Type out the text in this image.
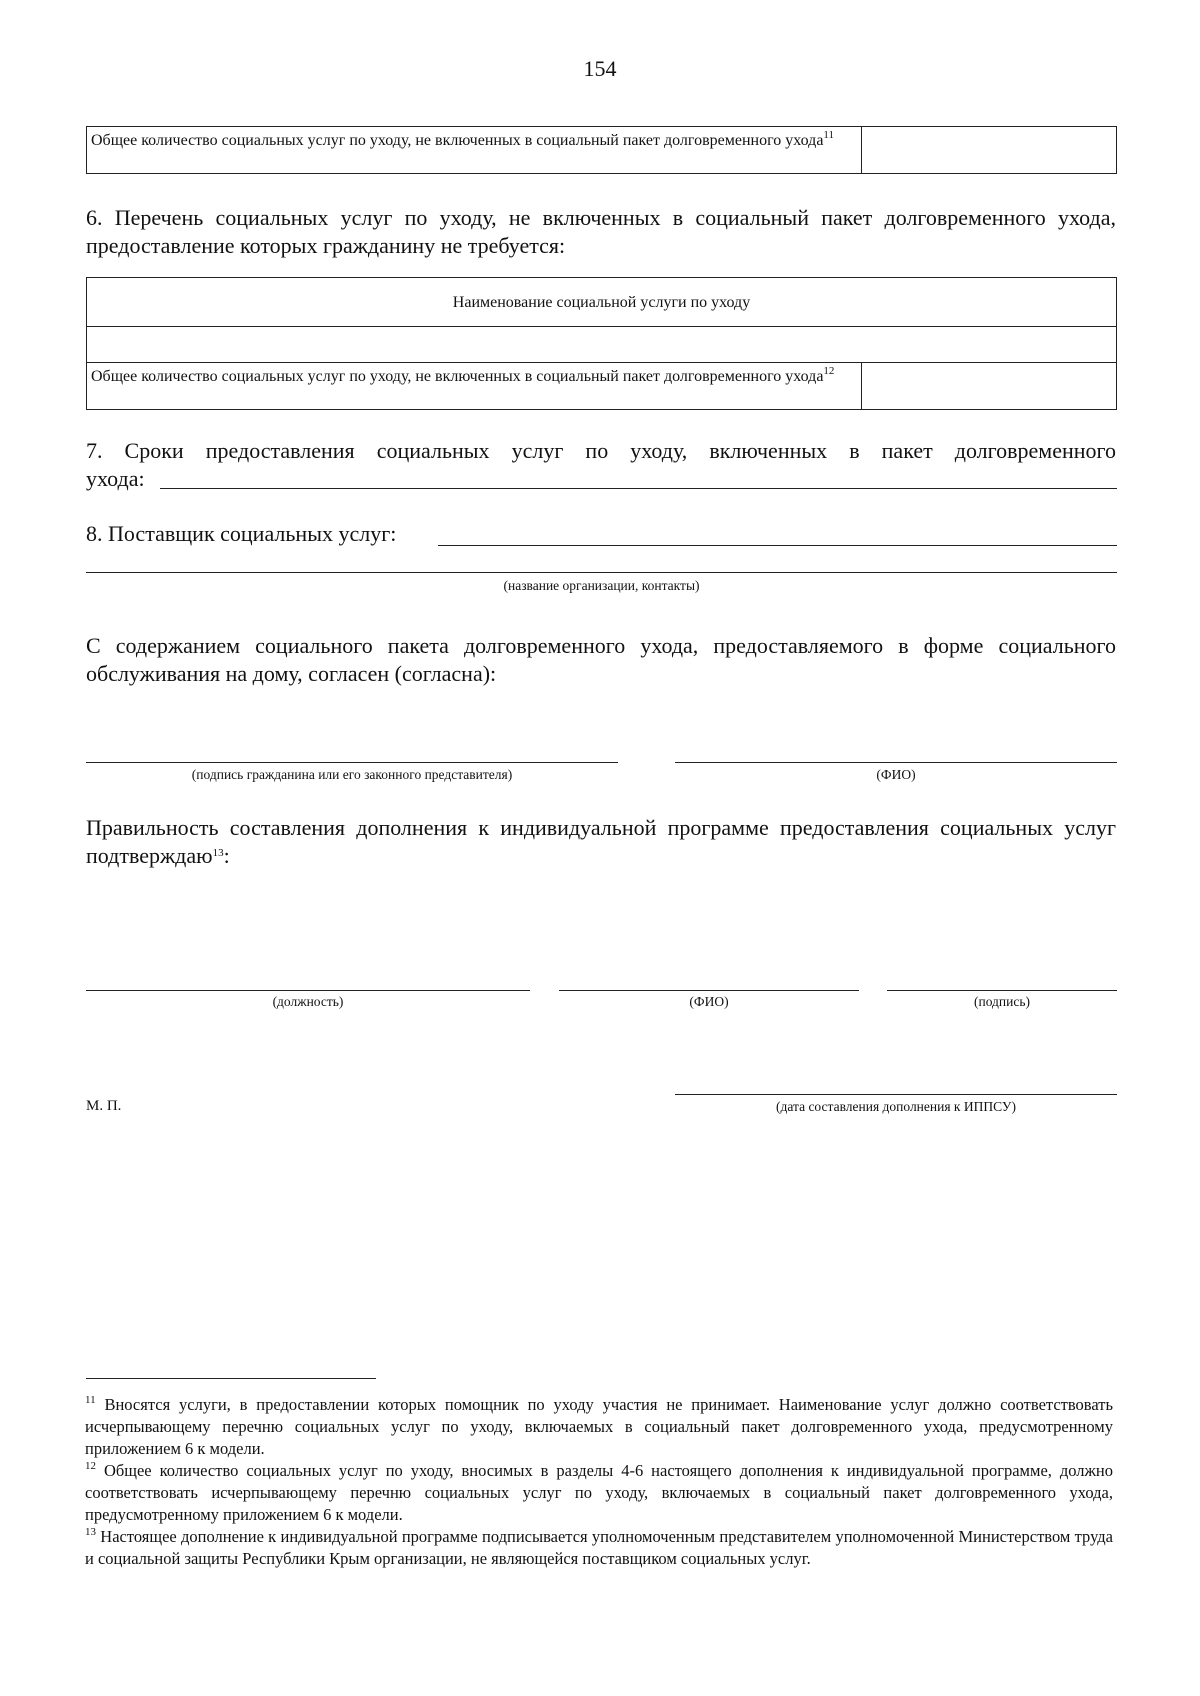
154
Общее количество социальных услуг по уходу, не включенных в социальный пакет долговременного ухода$^{11}$
6. Перечень социальных услуг по уходу, не включенных в социальный пакет долговременного ухода, предоставление которых гражданину не требуется:
Наименование социальной услуги по уходу
Общее количество социальных услуг по уходу, не включенных в социальный пакет долговременного ухода$^{12}$
7. Сроки предоставления социальных услуг по уходу, включенных в пакет долговременного
ухода:
8. Поставщик социальных услуг:
(название организации, контакты)
С содержанием социального пакета долговременного ухода, предоставляемого в форме социального обслуживания на дому, согласен (согласна):
(подпись гражданина или его законного представителя)	(ФИО)
Правильность составления дополнения к индивидуальной программе предоставления социальных услуг подтверждаю$^{13}$:
(должность)	(ФИО)	(подпись)
М. П.	(дата составления дополнения к ИППСУ)
$^{11}$ Вносятся услуги, в предоставлении которых помощник по уходу участия не принимает. Наименование услуг должно соответствовать исчерпывающему перечню социальных услуг по уходу, включаемых в социальный пакет долговременного ухода, предусмотренному приложением 6 к модели.
$^{12}$ Общее количество социальных услуг по уходу, вносимых в разделы 4-6 настоящего дополнения к индивидуальной программе, должно соответствовать исчерпывающему перечню социальных услуг по уходу, включаемых в социальный пакет долговременного ухода, предусмотренному приложением 6 к модели.
$^{13}$ Настоящее дополнение к индивидуальной программе подписывается уполномоченным представителем уполномоченной Министерством труда и социальной защиты Республики Крым организации, не являющейся поставщиком социальных услуг.
